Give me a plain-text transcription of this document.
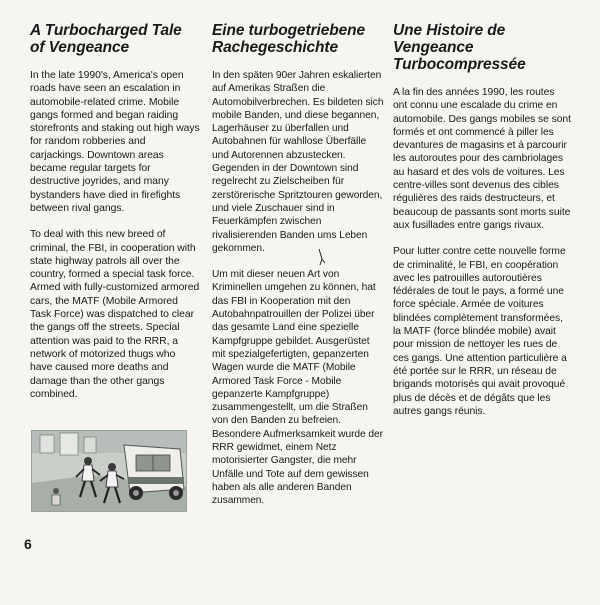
A Turbocharged Tale
of Vengeance

In the late 1990's, America's open roads have seen an escalation in automobile-related crime. Mobile gangs formed and began raiding storefronts and staking out high ways for random robberies and carjackings. Downtown areas became regular targets for destructive joyrides, and many bystanders have died in firefights between rival gangs.

To deal with this new breed of criminal, the FBI, in cooperation with state highway patrols all over the country, formed a special task force. Armed with fully-customized armored cars, the MATF (Mobile Armored Task Force) was dispatched to clear the gangs off the streets. Special attention was paid to the RRR, a network of motorized thugs who have caused more deaths and damage than the other gangs combined.

Eine turbogetriebene
Rachegeschichte

In den späten 90er Jahren eskalierten auf Amerikas Straßen die Automobilverbrechen. Es bildeten sich mobile Banden, und diese begannen, Lagerhäuser zu überfallen und Autobahnen für wahllose Überfälle und Autorennen abzustecken. Gegenden in der Downtown sind regelrecht zu Zielscheiben für zerstörerische Spritztouren geworden, und viele Zuschauer sind in Feuerkämpfen zwischen rivalisierenden Banden ums Leben gekommen.

Um mit dieser neuen Art von Kriminellen umgehen zu können, hat das FBI in Kooperation mit den Autobahnpatrouillen der Polizei über das gesamte Land eine spezielle Kampfgruppe gebildet. Ausgerüstet mit spezialgefertigten, gepanzerten Wagen wurde die MATF (Mobile Armored Task Force - Mobile gepanzerte Kampfgruppe) zusammengestellt, um die Straßen von den Banden zu befreien. Besondere Aufmerksamkeit wurde der RRR gewidmet, einem Netz motorisierter Gangster, die mehr Unfälle und Tote auf dem gewissen haben als alle anderen Banden zusammen.

Une Histoire de
Vengeance
Turbocompressée

A la fin des années 1990, les routes ont connu une escalade du crime en automobile. Des gangs mobiles se sont formés et ont commencé à piller les devantures de magasins et à parcourir les autoroutes pour des cambriolages au hasard et des vols de voitures. Les centre-villes sont devenus des cibles régulières des raids destructeurs, et beaucoup de passants sont morts suite aux fusillades entre gangs rivaux.

Pour lutter contre cette nouvelle forme de criminalité, le FBI, en coopération avec les patrouilles autoroutières fédérales de tout le pays, a formé une force spéciale. Armée de voitures blindées complètement transformées, la MATF (force blindée mobile) avait pour mission de nettoyer les rues de ces gangs. Une attention particulière a été portée sur le RRR, un réseau de brigands motorisés qui avait provoqué plus de décès et de dégâts que les autres gangs réunis.

6
